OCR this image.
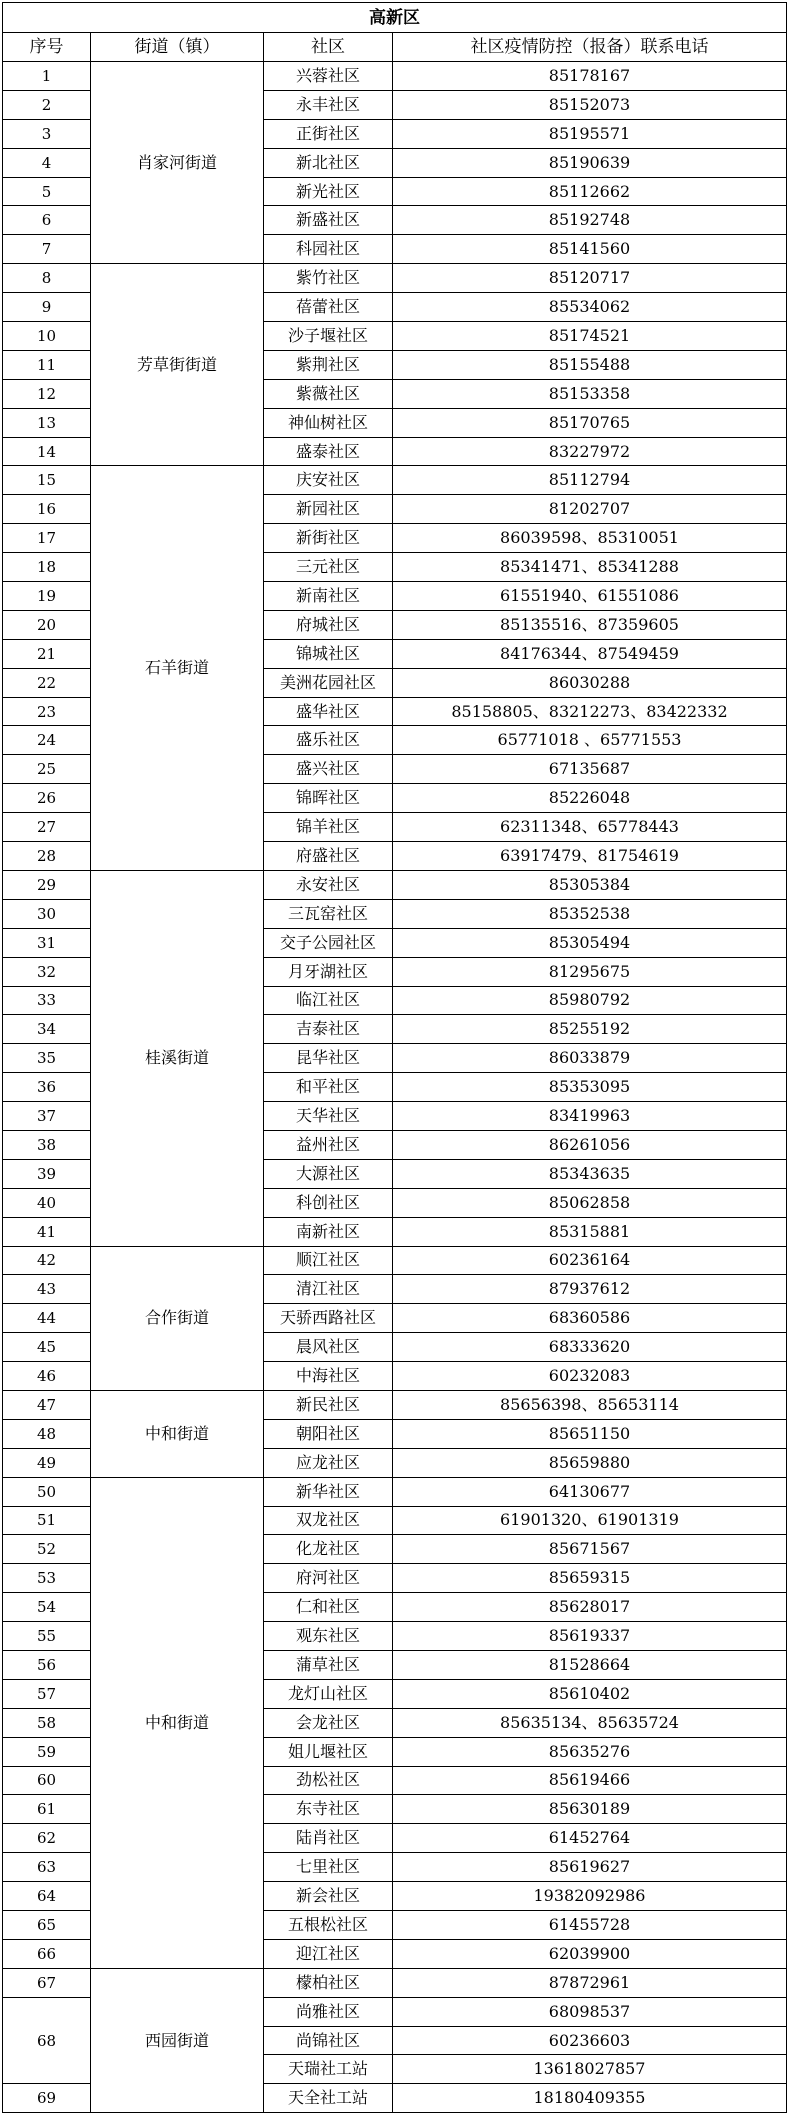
高新区			
序号	街道（镇）	社区	社区疫情防控（报备）联系电话
1	肖家河街道	兴蓉社区	85178167
2		永丰社区	85152073
3		正街社区	85195571
4		新北社区	85190639
5		新光社区	85112662
6		新盛社区	85192748
7		科园社区	85141560
8	芳草街街道	紫竹社区	85120717
9		蓓蕾社区	85534062
10		沙子堰社区	85174521
11		紫荆社区	85155488
12		紫薇社区	85153358
13		神仙树社区	85170765
14		盛泰社区	83227972
15	石羊街道	庆安社区	85112794
16		新园社区	81202707
17		新街社区	86039598、85310051
18		三元社区	85341471、85341288
19		新南社区	61551940、61551086
20		府城社区	85135516、87359605
21		锦城社区	84176344、87549459
22		美洲花园社区	86030288
23		盛华社区	85158805、83212273、83422332
24		盛乐社区	65771018 、65771553
25		盛兴社区	67135687
26		锦晖社区	85226048
27		锦羊社区	62311348、65778443
28		府盛社区	63917479、81754619
29	桂溪街道	永安社区	85305384
30		三瓦窑社区	85352538
31		交子公园社区	85305494
32		月牙湖社区	81295675
33		临江社区	85980792
34		吉泰社区	85255192
35		昆华社区	86033879
36		和平社区	85353095
37		天华社区	83419963
38		益州社区	86261056
39		大源社区	85343635
40		科创社区	85062858
41		南新社区	85315881
42	合作街道	顺江社区	60236164
43		清江社区	87937612
44		天骄西路社区	68360586
45		晨风社区	68333620
46		中海社区	60232083
47	中和街道	新民社区	85656398、85653114
48		朝阳社区	85651150
49		应龙社区	85659880
50	中和街道	新华社区	64130677
51		双龙社区	61901320、61901319
52		化龙社区	85671567
53		府河社区	85659315
54		仁和社区	85628017
55		观东社区	85619337
56		蒲草社区	81528664
57		龙灯山社区	85610402
58		会龙社区	85635134、85635724
59		姐儿堰社区	85635276
60		劲松社区	85619466
61		东寺社区	85630189
62		陆肖社区	61452764
63		七里社区	85619627
64		新会社区	19382092986
65		五根松社区	61455728
66		迎江社区	62039900
67	西园街道	檬柏社区	87872961
68		尚雅社区	68098537
		尚锦社区	60236603
		天瑞社工站	13618027857
69		天全社工站	18180409355
